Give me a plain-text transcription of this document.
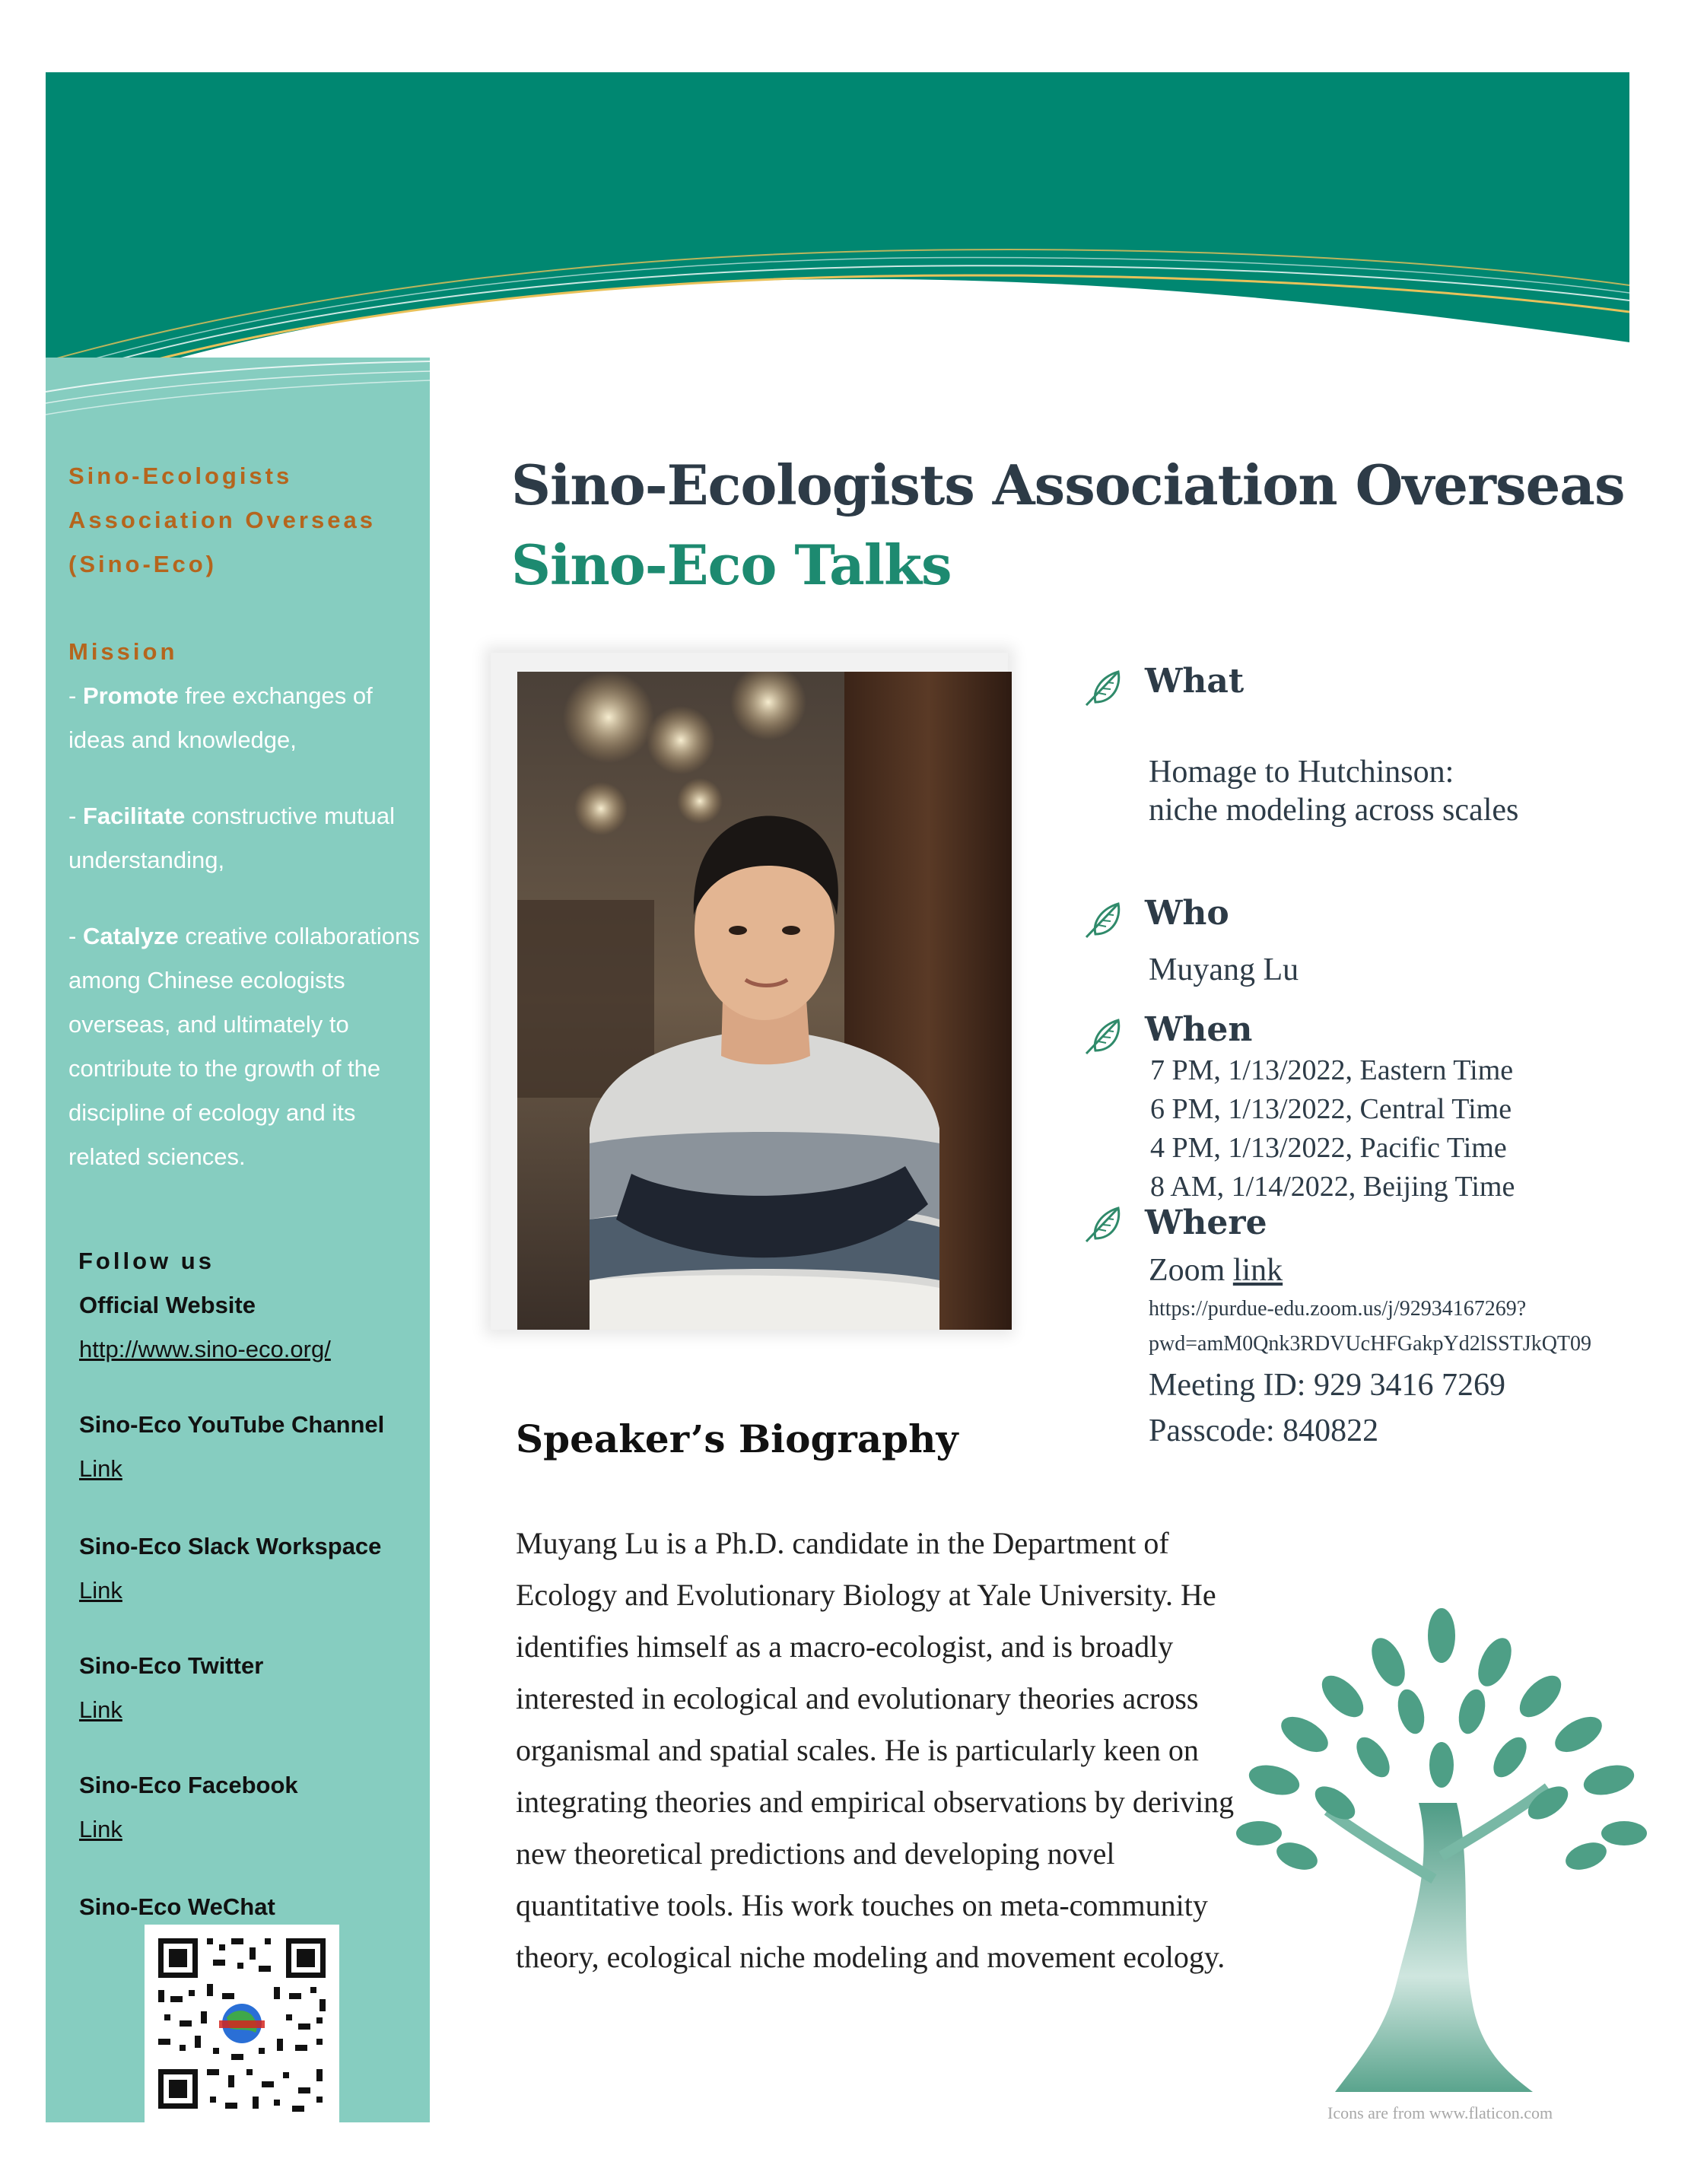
Sino-Ecologists
Association Overseas
(Sino-Eco)
Mission
- Promote free exchanges of ideas and knowledge,
- Facilitate constructive mutual understanding,
- Catalyze creative collaborations among Chinese ecologists overseas, and ultimately to contribute to the growth of the discipline of ecology and its related sciences.
Follow us
Official Website
http://www.sino-eco.org/
Sino-Eco YouTube Channel
Link
Sino-Eco Slack Workspace
Link
Sino-Eco Twitter
Link
Sino-Eco Facebook
Link
Sino-Eco WeChat
Sino-Ecologists Association Overseas
Sino-Eco Talks
What
Homage to Hutchinson:
niche modeling across scales
Who
Muyang Lu
When
7 PM, 1/13/2022, Eastern Time
6 PM, 1/13/2022, Central Time
4 PM, 1/13/2022, Pacific Time
8 AM, 1/14/2022, Beijing Time
Where
Zoom link
https://purdue-edu.zoom.us/j/92934167269?
pwd=amM0Qnk3RDVUcHFGakpYd2lSSTJkQT09
Meeting ID: 929 3416 7269
Passcode: 840822
Speaker’s Biography
Muyang Lu is a Ph.D. candidate in the Department of Ecology and Evolutionary Biology at Yale University. He identifies himself as a macro-ecologist, and is broadly interested in ecological and evolutionary theories across organismal and spatial scales. He is particularly keen on integrating theories and empirical observations by deriving new theoretical predictions and developing novel quantitative tools. His work touches on meta-community theory, ecological niche modeling and movement ecology.
Icons are from www.flaticon.com
